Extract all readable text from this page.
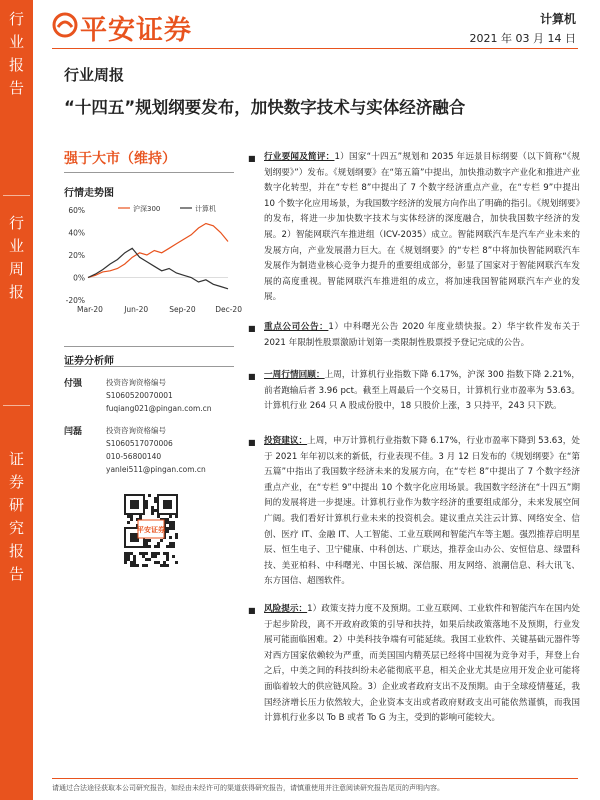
行
业
报
告
行
业
周
报
证
券
研
究
报
告
平安证券	计算机
2021 年 03 月 14 日
行业周报
“十四五”规划纲要发布，加快数字技术与实体经济融合
强于大市（维持）
行情走势图
60%
40%
20%
0%
-20%
Mar-20	Jun-20	Sep-20	Dec-20
沪深300	计算机
证券分析师
付强	投资咨询资格编号
S1060520070001
fuqiang021@pingan.com.cn
闫磊	投资咨询资格编号
S1060517070006
010-56800140
yanlei511@pingan.com.cn
平安证券
■ 行业要闻及简评：1）国家“十四五”规划和 2035 年远景目标纲要（以下简称“《规划纲要》”）发布。《规划纲要》在“第五篇”中提出，加快推动数字产业化和推进产业数字化转型，并在“专栏 8”中提出了 7 个数字经济重点产业，在“专栏 9”中提出 10 个数字化应用场景，为我国数字经济的发展方向作出了明确的指引。《规划纲要》的发布，将进一步加快数字技术与实体经济的深度融合，加快我国数字经济的发展。2）智能网联汽车推进组（ICV-2035）成立。智能网联汽车是汽车产业未来的发展方向，产业发展潜力巨大。在《规划纲要》的“专栏 8”中将加快智能网联汽车发展作为制造业核心竞争力提升的重要组成部分，彰显了国家对于智能网联汽车发展的高度重视。智能网联汽车推进组的成立，将加速我国智能网联汽车产业的发展。
■ 重点公司公告：1）中科曙光公告 2020 年度业绩快报。2）华宇软件发布关于 2021 年限制性股票激励计划第一类限制性股票授予登记完成的公告。
■ 一周行情回顾：上周，计算机行业指数下降 6.17%，沪深 300 指数下降 2.21%，前者跑输后者 3.96 pct。截至上周最后一个交易日，计算机行业市盈率为 53.63。计算机行业 264 只 A 股成份股中，18 只股价上涨，3 只持平，243 只下跌。
■ 投资建议：上周，申万计算机行业指数下降 6.17%，行业市盈率下降到 53.63，处于 2021 年年初以来的新低，行业表现不佳。3 月 12 日发布的《规划纲要》在“第五篇”中指出了我国数字经济未来的发展方向，在“专栏 8”中提出了 7 个数字经济重点产业，在“专栏 9”中提出 10 个数字化应用场景。我国数字经济在“十四五”期间的发展将进一步提速。计算机行业作为数字经济的重要组成部分，未来发展空间广阔。我们看好计算机行业未来的投资机会。建议重点关注云计算、网络安全、信创、医疗 IT、金融 IT、人工智能、工业互联网和智能汽车等主题。强烈推荐启明星辰、恒生电子、卫宁健康、中科创达、广联达，推荐金山办公、安恒信息、绿盟科技、美亚柏科、中科曙光、中国长城、深信服、用友网络、浪潮信息、科大讯飞、东方国信、超图软件。
■ 风险提示：1）政策支持力度不及预期。工业互联网、工业软件和智能汽车在国内处于起步阶段，离不开政府政策的引导和扶持，如果后续政策落地不及预期，行业发展可能面临困难。2）中美科技争端有可能延续。我国工业软件、关键基础元器件等对西方国家依赖较为严重，而美国国内精英层已经将中国视为竞争对手，拜登上台之后，中美之间的科技纠纷未必能彻底平息，相关企业尤其是应用开发企业可能将面临着较大的供应链风险。3）企业或者政府支出不及预期。由于全球疫情蔓延，我国经济增长压力依然较大，企业资本支出或者政府财政支出可能依然谨慎，而我国计算机行业多以 To B 或者 To G 为主，受到的影响可能较大。
请通过合法途径获取本公司研究报告，如经由未经许可的渠道获得研究报告，请慎重使用并注意阅读研究报告尾页的声明内容。
